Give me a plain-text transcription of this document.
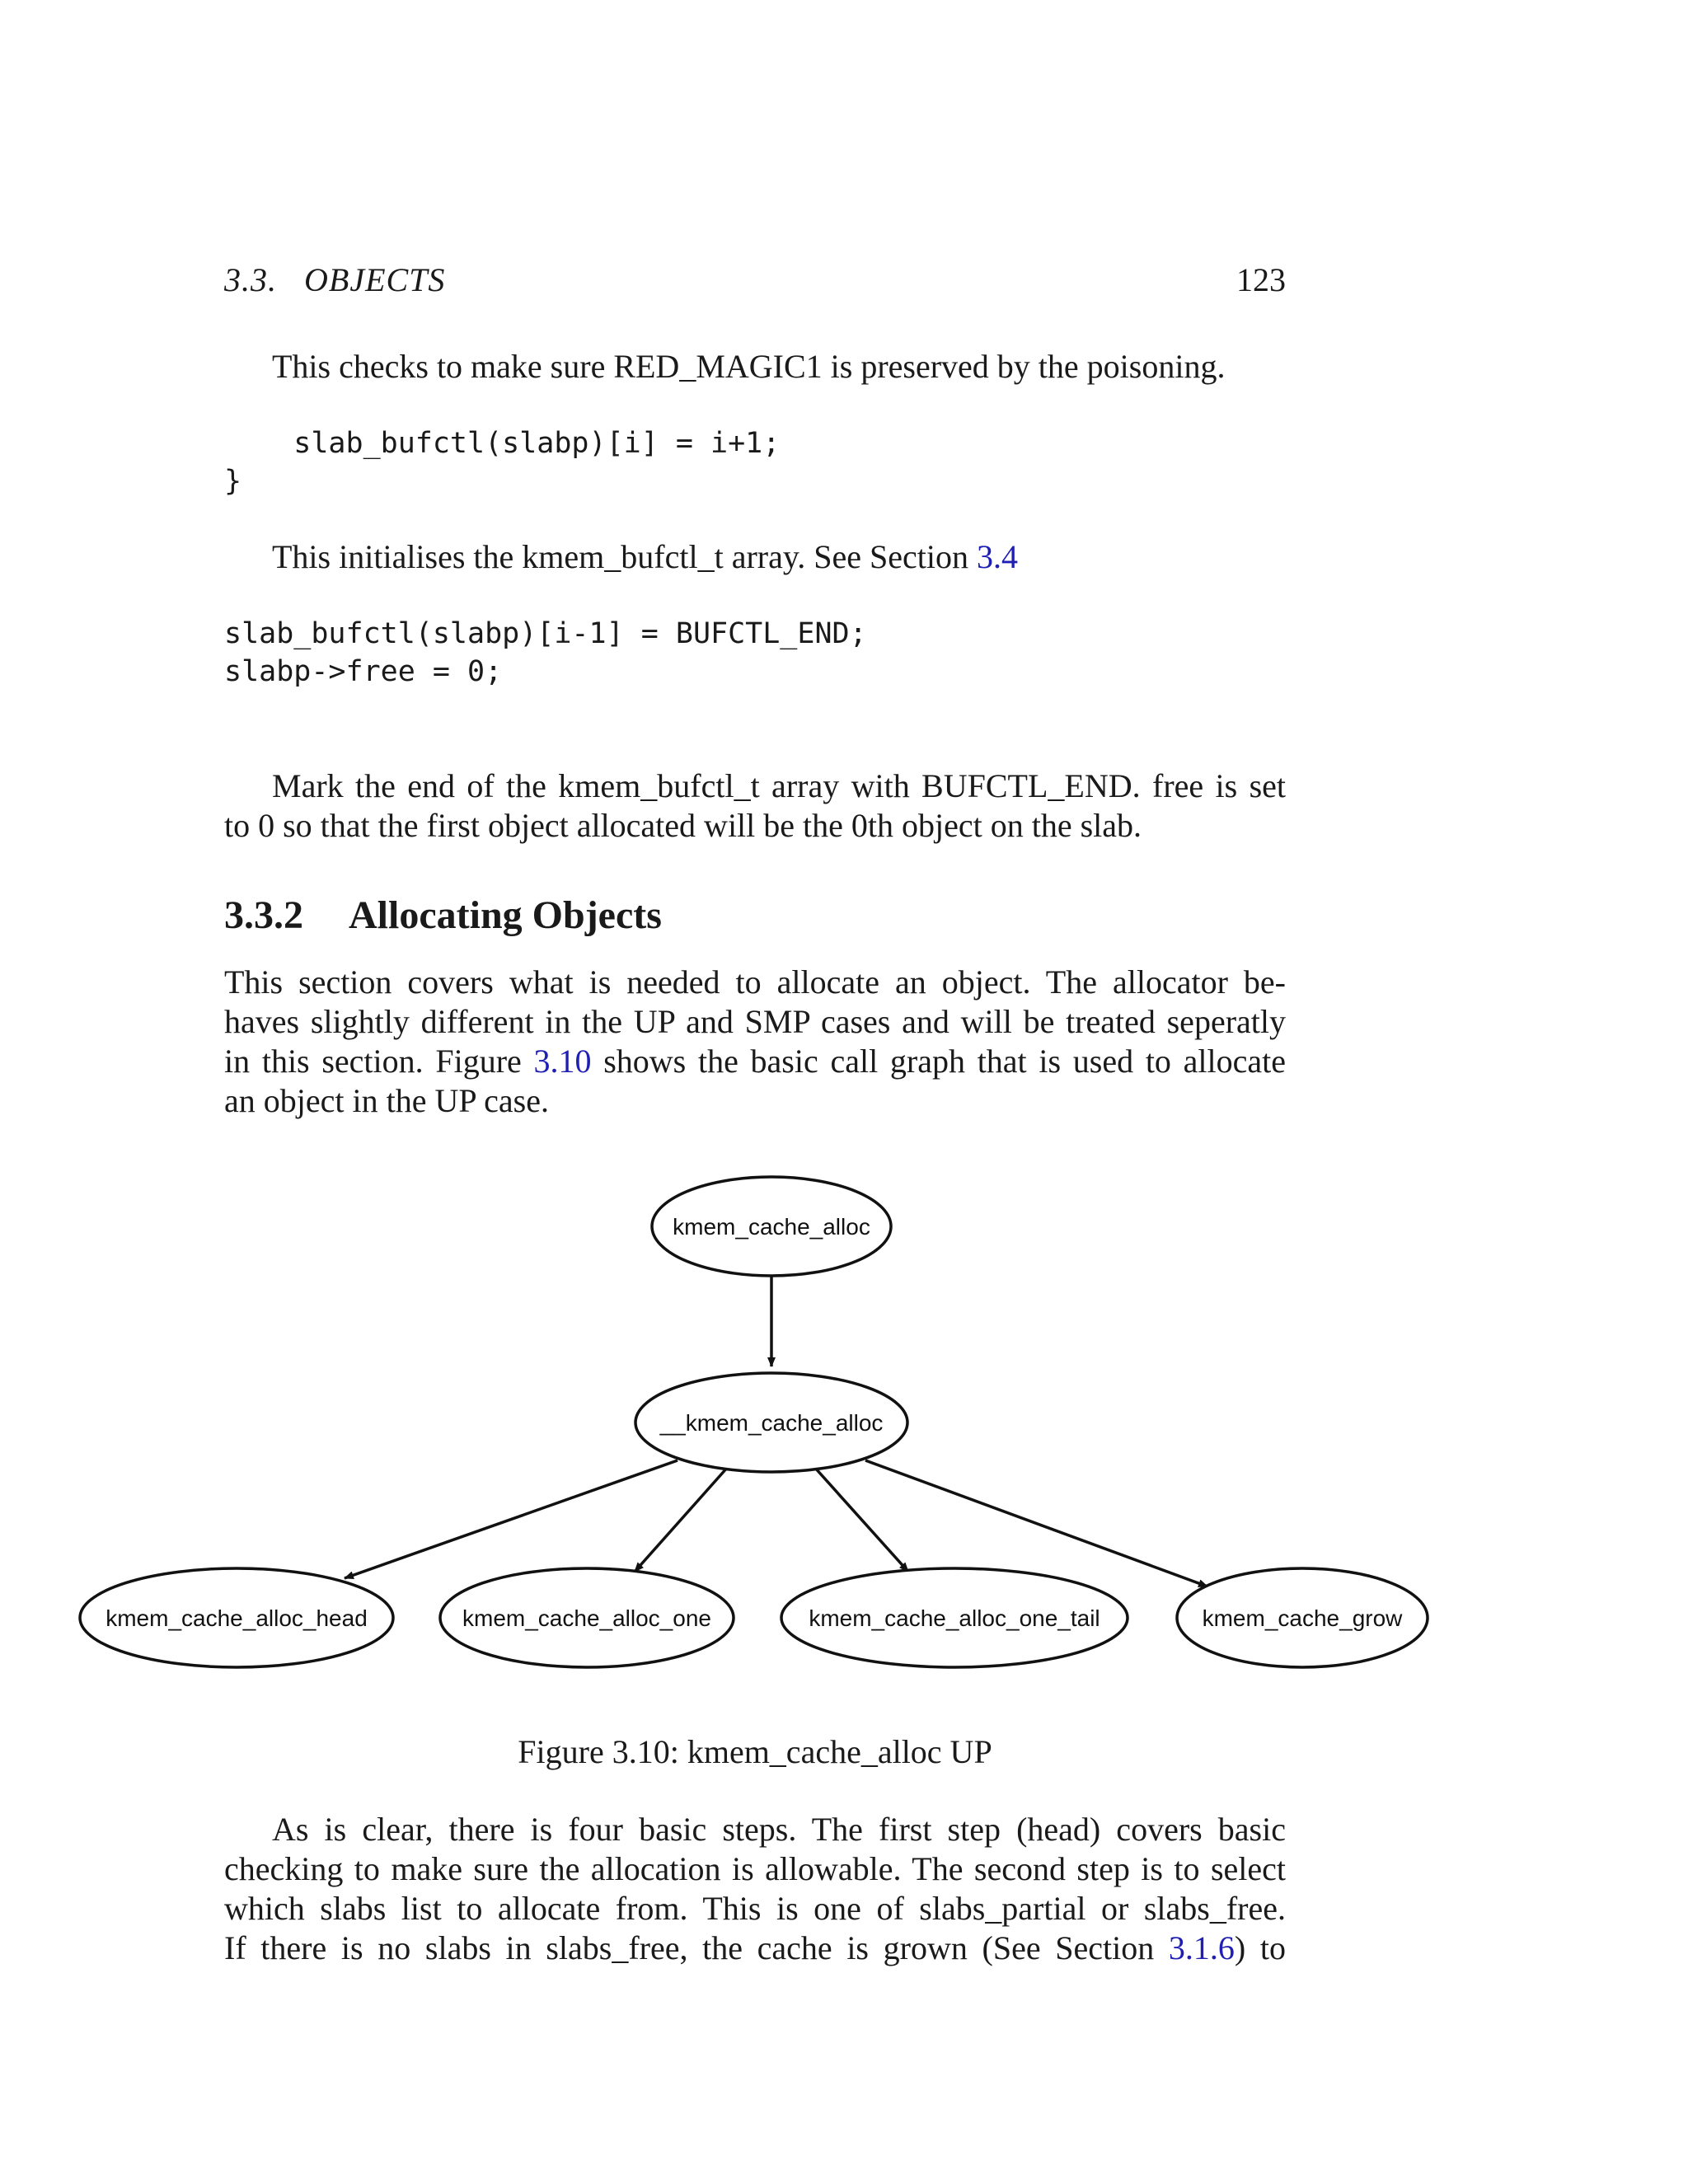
3.3. OBJECTS	123
This checks to make sure RED_MAGIC1 is preserved by the poisoning.
slab_bufctl(slabp)[i] = i+1;
}
This initialises the kmem_bufctl_t array. See Section 3.4
slab_bufctl(slabp)[i-1] = BUFCTL_END;
slabp->free = 0;
Mark the end of the kmem_bufctl_t array with BUFCTL_END. free is set
to 0 so that the first object allocated will be the 0th object on the slab.
3.3.2 Allocating Objects
This section covers what is needed to allocate an object. The allocator be-
haves slightly different in the UP and SMP cases and will be treated seperatly
in this section. Figure 3.10 shows the basic call graph that is used to allocate
an object in the UP case.
kmem_cache_alloc
__kmem_cache_alloc
kmem_cache_alloc_head	kmem_cache_alloc_one	kmem_cache_alloc_one_tail	kmem_cache_grow
Figure 3.10: kmem_cache_alloc UP
As is clear, there is four basic steps. The first step (head) covers basic
checking to make sure the allocation is allowable. The second step is to select
which slabs list to allocate from. This is one of slabs_partial or slabs_free.
If there is no slabs in slabs_free, the cache is grown (See Section 3.1.6) to
